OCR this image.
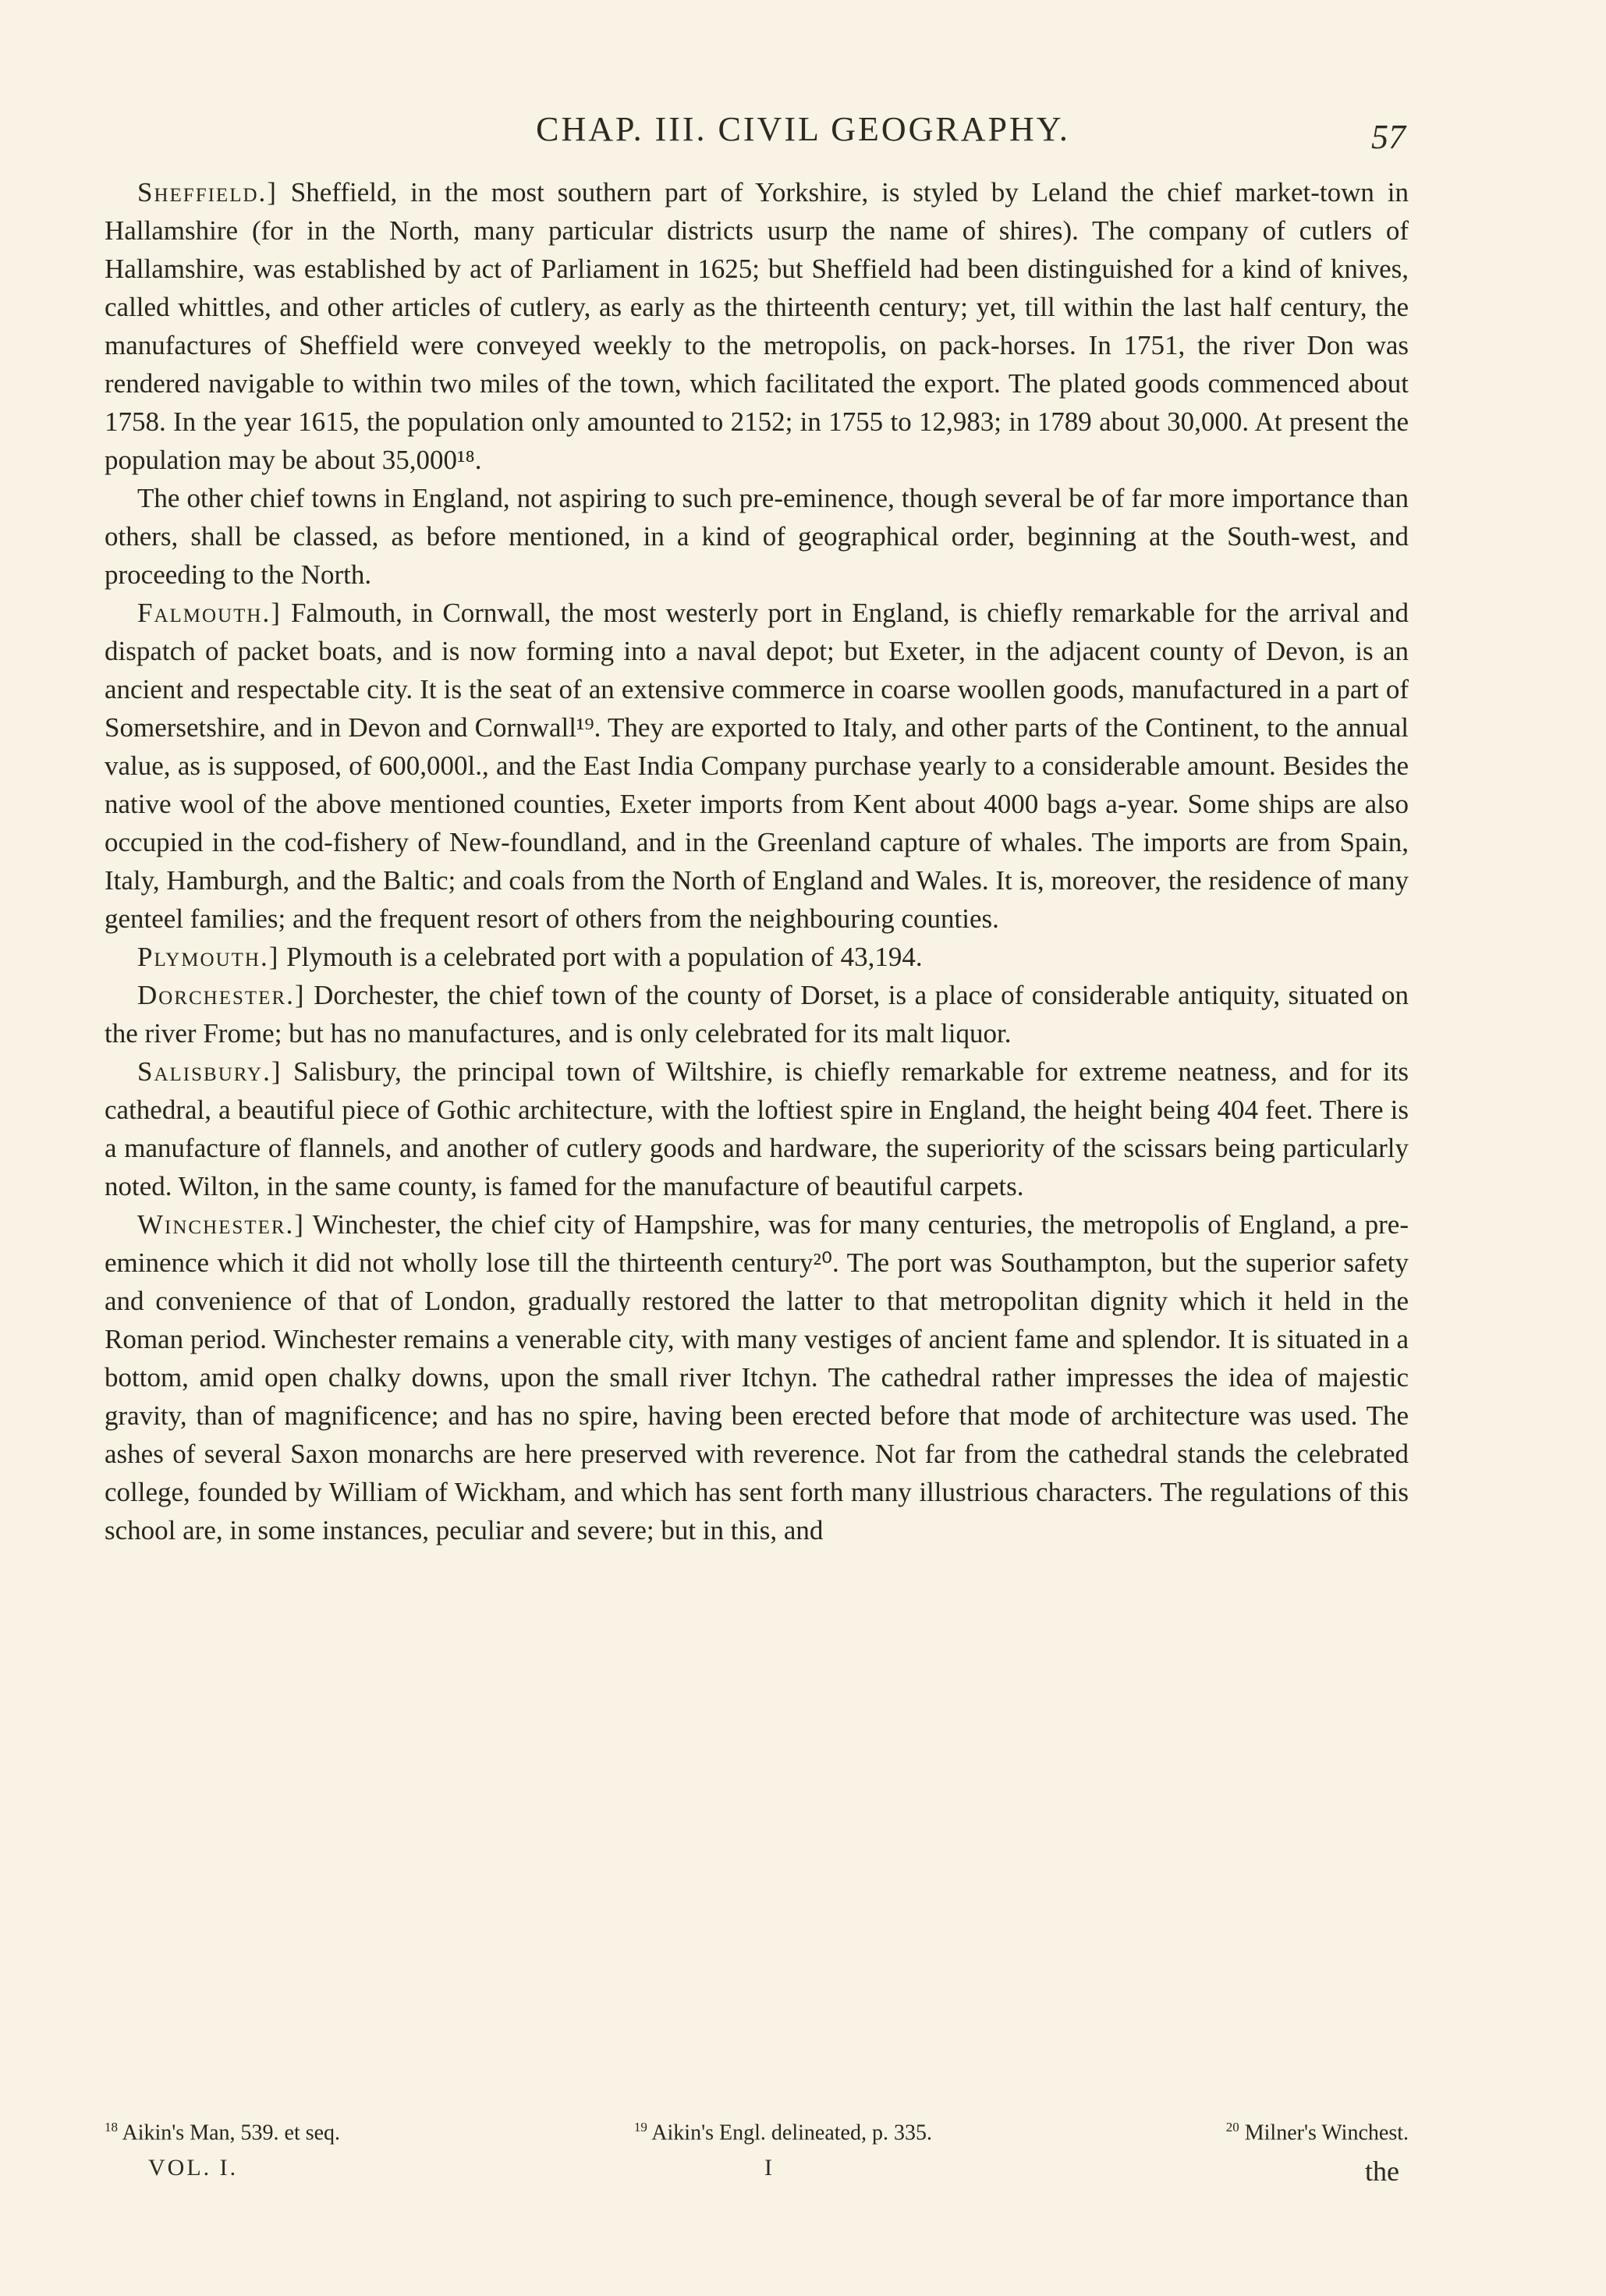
CHAP. III. CIVIL GEOGRAPHY.	57

Sheffield.] Sheffield, in the most southern part of Yorkshire, is styled by Leland the chief market-town in Hallamshire (for in the North, many particular districts usurp the name of shires). The company of cutlers of Hallamshire, was established by act of Parliament in 1625; but Sheffield had been distinguished for a kind of knives, called whittles, and other articles of cutlery, as early as the thirteenth century; yet, till within the last half century, the manufactures of Sheffield were conveyed weekly to the metropolis, on pack-horses. In 1751, the river Don was rendered navigable to within two miles of the town, which facilitated the export. The plated goods commenced about 1758. In the year 1615, the population only amounted to 2152; in 1755 to 12,983; in 1789 about 30,000. At present the population may be about 35,000¹⁸.

The other chief towns in England, not aspiring to such pre-eminence, though several be of far more importance than others, shall be classed, as before mentioned, in a kind of geographical order, beginning at the South-west, and proceeding to the North.

Falmouth.] Falmouth, in Cornwall, the most westerly port in England, is chiefly remarkable for the arrival and dispatch of packet boats, and is now forming into a naval depot; but Exeter, in the adjacent county of Devon, is an ancient and respectable city. It is the seat of an extensive commerce in coarse woollen goods, manufactured in a part of Somersetshire, and in Devon and Cornwall¹⁹. They are exported to Italy, and other parts of the Continent, to the annual value, as is supposed, of 600,000l., and the East India Company purchase yearly to a considerable amount. Besides the native wool of the above mentioned counties, Exeter imports from Kent about 4000 bags a-year. Some ships are also occupied in the cod-fishery of New-foundland, and in the Greenland capture of whales. The imports are from Spain, Italy, Hamburgh, and the Baltic; and coals from the North of England and Wales. It is, moreover, the residence of many genteel families; and the frequent resort of others from the neighbouring counties.

Plymouth.] Plymouth is a celebrated port with a population of 43,194.

Dorchester.] Dorchester, the chief town of the county of Dorset, is a place of considerable antiquity, situated on the river Frome; but has no manufactures, and is only celebrated for its malt liquor.

Salisbury.] Salisbury, the principal town of Wiltshire, is chiefly remarkable for extreme neatness, and for its cathedral, a beautiful piece of Gothic architecture, with the loftiest spire in England, the height being 404 feet. There is a manufacture of flannels, and another of cutlery goods and hardware, the superiority of the scissars being particularly noted. Wilton, in the same county, is famed for the manufacture of beautiful carpets.

Winchester.] Winchester, the chief city of Hampshire, was for many centuries, the metropolis of England, a pre-eminence which it did not wholly lose till the thirteenth century²⁰. The port was Southampton, but the superior safety and convenience of that of London, gradually restored the latter to that metropolitan dignity which it held in the Roman period. Winchester remains a venerable city, with many vestiges of ancient fame and splendor. It is situated in a bottom, amid open chalky downs, upon the small river Itchyn. The cathedral rather impresses the idea of majestic gravity, than of magnificence; and has no spire, having been erected before that mode of architecture was used. The ashes of several Saxon monarchs are here preserved with reverence. Not far from the cathedral stands the celebrated college, founded by William of Wickham, and which has sent forth many illustrious characters. The regulations of this school are, in some instances, peculiar and severe; but in this, and

$^{18}$ Aikin's Man, 539. et seq.	$^{19}$ Aikin's Engl. delineated, p. 335.	$^{20}$ Milner's Winchest.
VOL. I.	I	the
